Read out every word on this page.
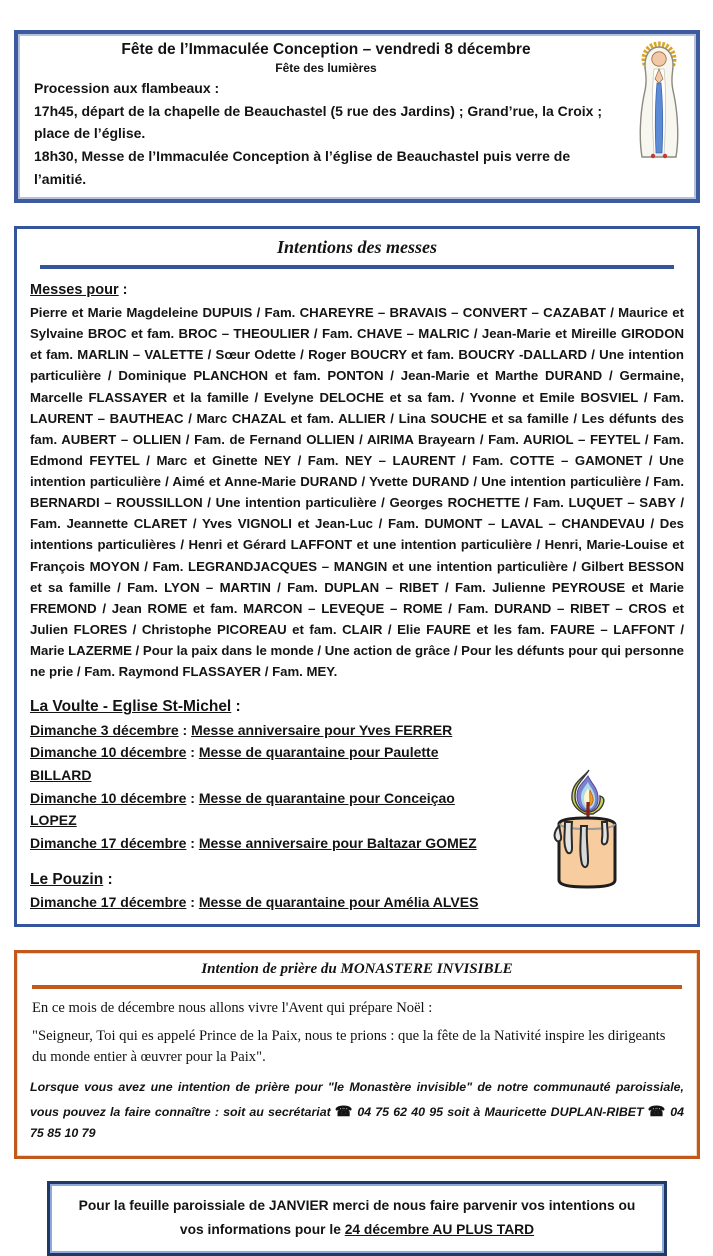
Fête de l’Immaculée Conception – vendredi 8 décembre
Fête des lumières
Procession aux flambeaux :
17h45, départ de la chapelle de Beauchastel (5 rue des Jardins) ; Grand’rue, la Croix ; place de l’église.
18h30, Messe de l’Immaculée Conception à l’église de Beauchastel puis verre de l’amitié.
Intentions des messes
Messes pour :
Pierre et Marie Magdeleine DUPUIS / Fam. CHAREYRE – BRAVAIS – CONVERT – CAZABAT / Maurice et Sylvaine BROC et fam. BROC – THEOULIER / Fam. CHAVE – MALRIC / Jean-Marie et Mireille GIRODON et fam. MARLIN – VALETTE / Sœur Odette / Roger BOUCRY et fam. BOUCRY -DALLARD / Une intention particulière / Dominique PLANCHON et fam. PONTON / Jean-Marie et Marthe DURAND / Germaine, Marcelle FLASSAYER et la famille / Evelyne DELOCHE et sa fam. / Yvonne et Emile BOSVIEL / Fam. LAURENT – BAUTHEAC / Marc CHAZAL et fam. ALLIER / Lina SOUCHE et sa famille / Les défunts des fam. AUBERT – OLLIEN / Fam. de Fernand OLLIEN / AIRIMA Brayearn / Fam. AURIOL – FEYTEL / Fam. Edmond FEYTEL / Marc et Ginette NEY / Fam. NEY – LAURENT / Fam. COTTE – GAMONET / Une intention particulière / Aimé et Anne-Marie DURAND / Yvette DURAND / Une intention particulière / Fam. BERNARDI – ROUSSILLON / Une intention particulière / Georges ROCHETTE / Fam. LUQUET – SABY / Fam. Jeannette CLARET / Yves VIGNOLI et Jean-Luc / Fam. DUMONT – LAVAL – CHANDEVAU / Des intentions particulières / Henri et Gérard LAFFONT et une intention particulière / Henri, Marie-Louise et François MOYON / Fam. LEGRANDJACQUES – MANGIN et une intention particulière / Gilbert BESSON et sa famille / Fam. LYON – MARTIN / Fam. DUPLAN – RIBET / Fam. Julienne PEYROUSE et Marie FREMOND / Jean ROME et fam. MARCON – LEVEQUE – ROME / Fam. DURAND – RIBET – CROS et Julien FLORES / Christophe PICOREAU et fam. CLAIR / Elie FAURE et les fam. FAURE – LAFFONT / Marie LAZERME / Pour la paix dans le monde / Une action de grâce / Pour les défunts pour qui personne ne prie / Fam. Raymond FLASSAYER / Fam. MEY.
La Voulte - Eglise St-Michel :
Dimanche 3 décembre : Messe anniversaire pour Yves FERRER
Dimanche 10 décembre : Messe de quarantaine pour Paulette BILLARD
Dimanche 10 décembre : Messe de quarantaine pour Conceiçao LOPEZ
Dimanche 17 décembre : Messe anniversaire pour Baltazar GOMEZ
Le Pouzin :
Dimanche 17 décembre : Messe de quarantaine pour Amélia ALVES
Intention de prière du MONASTERE INVISIBLE
En ce mois de décembre nous allons vivre l'Avent qui prépare Noël :
"Seigneur, Toi qui es appelé Prince de la Paix, nous te prions : que la fête de la Nativité inspire les dirigeants du monde entier à œuvrer pour la Paix".
Lorsque vous avez une intention de prière pour "le Monastère invisible" de notre communauté paroissiale, vous pouvez la faire connaître : soit au secrétariat ☎ 04 75 62 40 95 soit à Mauricette DUPLAN-RIBET ☎ 04 75 85 10 79
Pour la feuille paroissiale de JANVIER merci de nous faire parvenir vos intentions ou vos informations pour le 24 décembre AU PLUS TARD
